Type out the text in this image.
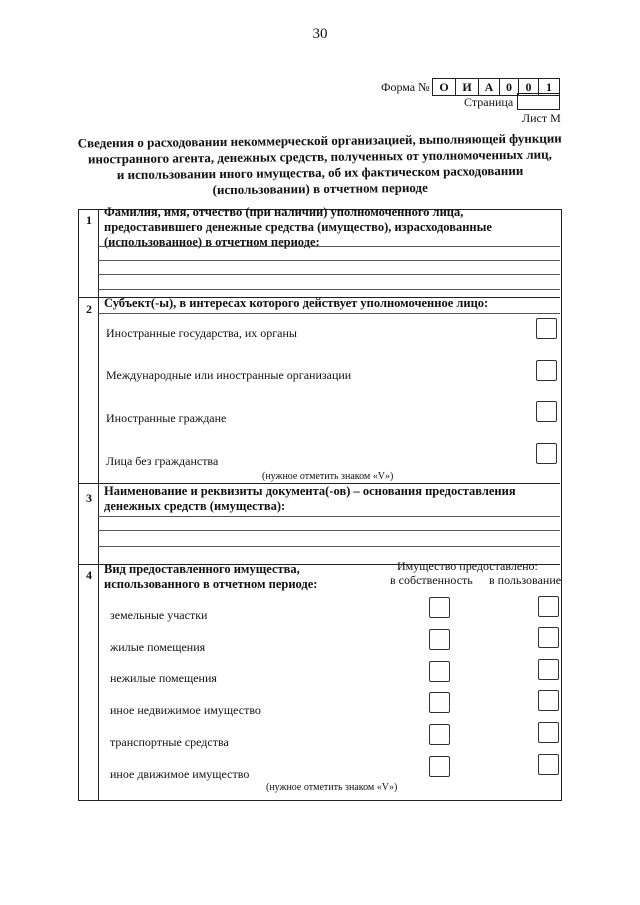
30
Форма № О	И	А	0	0	1
Страница
Лист М
Сведения о расходовании некоммерческой организацией, выполняющей функции
иностранного агента, денежных средств, полученных от уполномоченных лиц,
и использовании иного имущества, об их фактическом расходовании
(использовании) в отчетном периоде
1
Фамилия, имя, отчество (при наличии) уполномоченного лица,
предоставившего денежные средства (имущество), израсходованные
(использованное) в отчетном периоде:
2 Субъект(-ы), в интересах которого действует уполномоченное лицо:
Иностранные государства, их органы
Международные или иностранные организации
Иностранные граждане
Лица без гражданства
(нужное отметить знаком «V»)
3 Наименование и реквизиты документа(-ов) – основания предоставления
денежных средств (имущества):
4 Вид предоставленного имущества,
использованного в отчетном периоде:
Имущество предоставлено:
в собственность в пользование
земельные участки
жилые помещения
нежилые помещения
иное недвижимое имущество
транспортные средства
иное движимое имущество
(нужное отметить знаком «V»)
